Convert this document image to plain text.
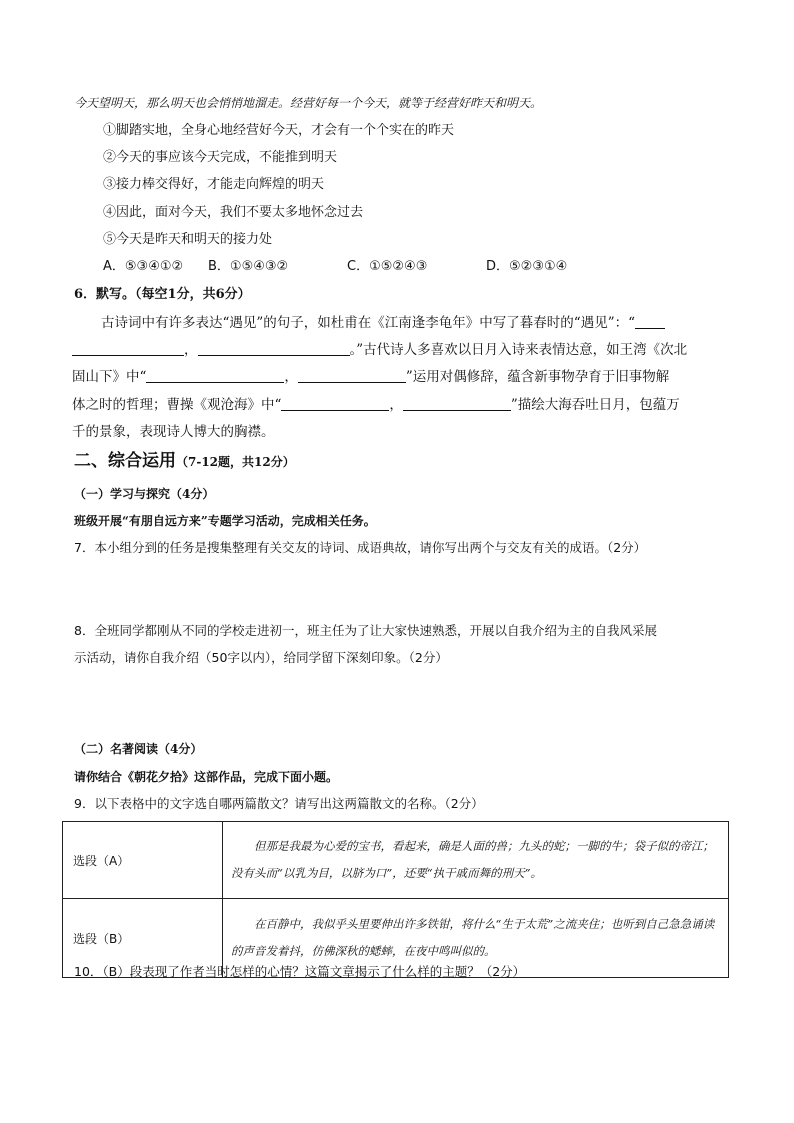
今天望明天，那么明天也会悄悄地溜走。经营好每一个今天，就等于经营好昨天和明天。
①脚踏实地，全身心地经营好今天，才会有一个个实在的昨天
②今天的事应该今天完成，不能推到明天
③接力棒交得好，才能走向辉煌的明天
④因此，面对今天，我们不要太多地怀念过去
⑤今天是昨天和明天的接力处
A．⑤③④①② B．①⑤④③②	C．①⑤②④③	D．⑤②③①④
6．默写。（每空1分，共6分）
古诗词中有许多表达“遇见”的句子，如杜甫在《江南逢李龟年》中写了暮春时的“遇见”：“
，	。”古代诗人多喜欢以日月入诗来表情达意，如王湾《次北
固山下》中“	，	”运用对偶修辞，蕴含新事物孕育于旧事物解
体之时的哲理；曹操《观沧海》中“	，	”描绘大海吞吐日月，包蕴万
千的景象，表现诗人博大的胸襟。
二、综合运用（7-12题，共12分）
（一）学习与探究（4分）
班级开展“有朋自远方来”专题学习活动，完成相关任务。
7．本小组分到的任务是搜集整理有关交友的诗词、成语典故，请你写出两个与交友有关的成语。（2分）
8．全班同学都刚从不同的学校走进初一，班主任为了让大家快速熟悉，开展以自我介绍为主的自我风采展
示活动，请你自我介绍（50字以内），给同学留下深刻印象。（2分）
（二）名著阅读（4分）
请你结合《朝花夕拾》这部作品，完成下面小题。
9．以下表格中的文字选自哪两篇散文？请写出这两篇散文的名称。（2分）
选段（A）	但那是我最为心爱的宝书，看起来，确是人面的兽；九头的蛇；一脚的牛；袋子似的帝江；没有头而“以乳为目，以脐为口”，还要“执干戚而舞的刑天”。
选段（B）	在百静中，我似乎头里要伸出许多铁钳，将什么“生于太荒”之流夹住；也听到自己急急诵读的声音发着抖，仿佛深秋的蟋蟀，在夜中鸣叫似的。
10．（B）段表现了作者当时怎样的心情？这篇文章揭示了什么样的主题？（2分）
